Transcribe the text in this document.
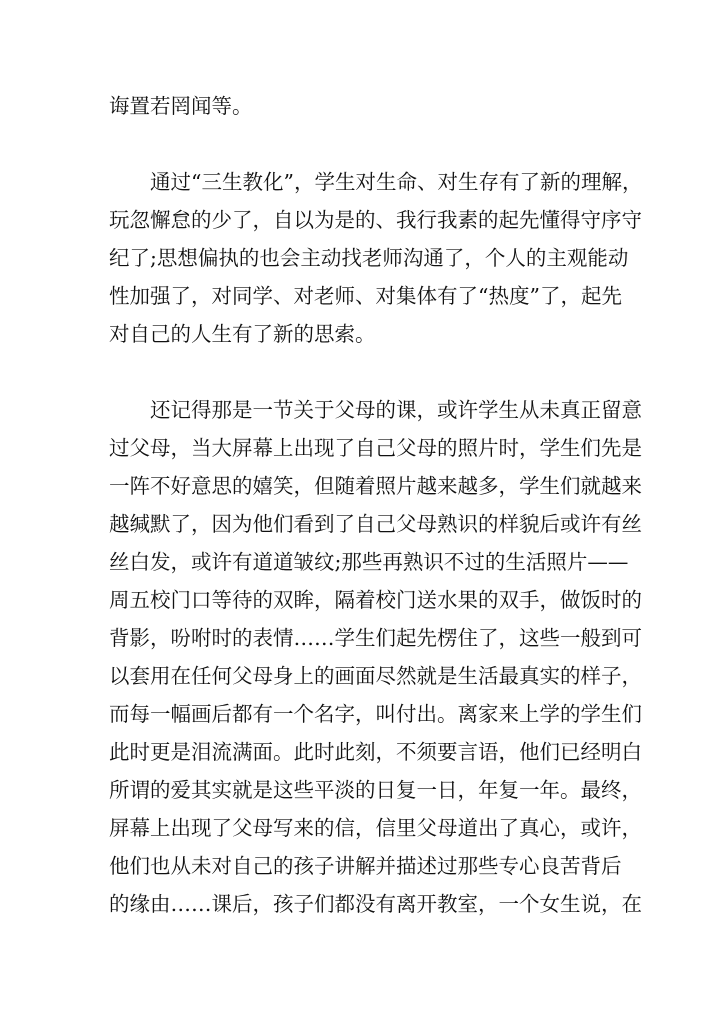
诲置若罔闻等。
通过“三生教化”，学生对生命、对生存有了新的理解，
玩忽懈怠的少了，自以为是的、我行我素的起先懂得守序守
纪了;思想偏执的也会主动找老师沟通了，个人的主观能动
性加强了，对同学、对老师、对集体有了“热度”了，起先
对自己的人生有了新的思索。
还记得那是一节关于父母的课，或许学生从未真正留意
过父母，当大屏幕上出现了自己父母的照片时，学生们先是
一阵不好意思的嬉笑，但随着照片越来越多，学生们就越来
越缄默了，因为他们看到了自己父母熟识的样貌后或许有丝
丝白发，或许有道道皱纹;那些再熟识不过的生活照片——
周五校门口等待的双眸，隔着校门送水果的双手，做饭时的
背影，吩咐时的表情……学生们起先楞住了，这些一般到可
以套用在任何父母身上的画面尽然就是生活最真实的样子，
而每一幅画后都有一个名字，叫付出。离家来上学的学生们
此时更是泪流满面。此时此刻，不须要言语，他们已经明白
所谓的爱其实就是这些平淡的日复一日，年复一年。最终，
屏幕上出现了父母写来的信，信里父母道出了真心，或许，
他们也从未对自己的孩子讲解并描述过那些专心良苦背后
的缘由……课后，孩子们都没有离开教室，一个女生说，在
